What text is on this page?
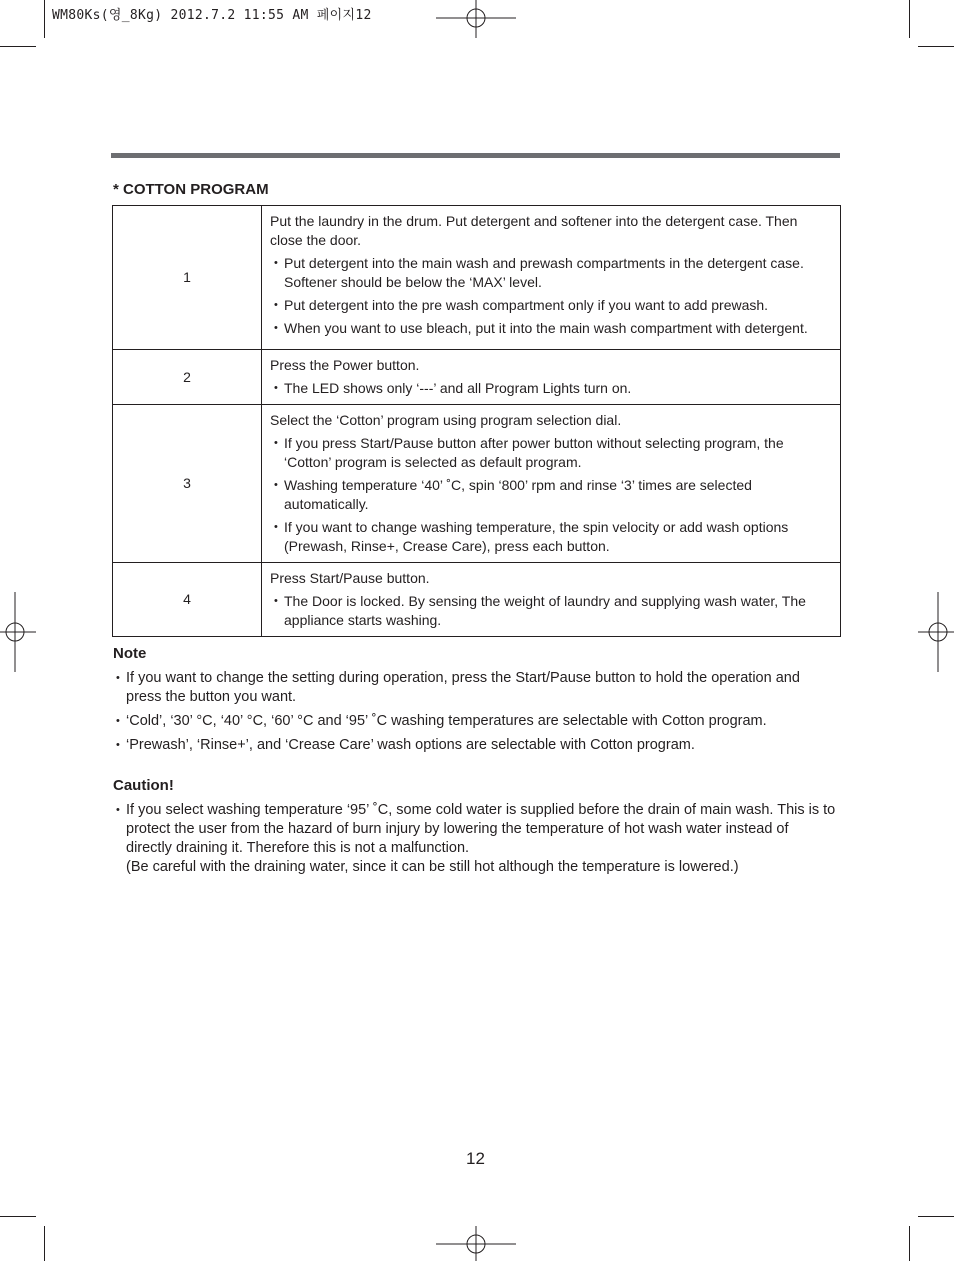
WM80Ks(영_8Kg) 2012.7.2 11:55 AM 페이지12
* COTTON PROGRAM
1	Put the laundry in the drum. Put detergent and softener into the detergent case. Then close the door.

• Put detergent into the main wash and prewash compartments in the detergent case. Softener should be below the ‘MAX’ level.

• Put detergent into the pre wash compartment only if you want to add prewash.

• When you want to use bleach, put it into the main wash compartment with detergent.

2	Press the Power button.

• The LED shows only ‘---’ and all Program Lights turn on.

3	Select the ‘Cotton’ program using program selection dial.

• If you press Start/Pause button after power button without selecting program, the ‘Cotton’ program is selected as default program.

• Washing temperature ‘40’ ˚C, spin ‘800’ rpm and rinse ‘3’ times are selected automatically.

• If you want to change washing temperature, the spin velocity or add wash options (Prewash, Rinse+, Crease Care), press each button.

4	Press Start/Pause button.

• The Door is locked. By sensing the weight of laundry and supplying wash water, The appliance starts washing.

Note

• If you want to change the setting during operation, press the Start/Pause button to hold the operation and press the button you want.

• ‘Cold’, ‘30’ °C, ‘40’ °C, ‘60’ °C and ‘95’ ˚C washing temperatures are selectable with Cotton program.

• ‘Prewash’, ‘Rinse+’, and ‘Crease Care’ wash options are selectable with Cotton program.

Caution!

• If you select washing temperature ‘95’ ˚C, some cold water is supplied before the drain of main wash. This is to protect the user from the hazard of burn injury by lowering the temperature of hot wash water instead of directly draining it. Therefore this is not a malfunction.

(Be careful with the draining water, since it can be still hot although the temperature is lowered.)

12
